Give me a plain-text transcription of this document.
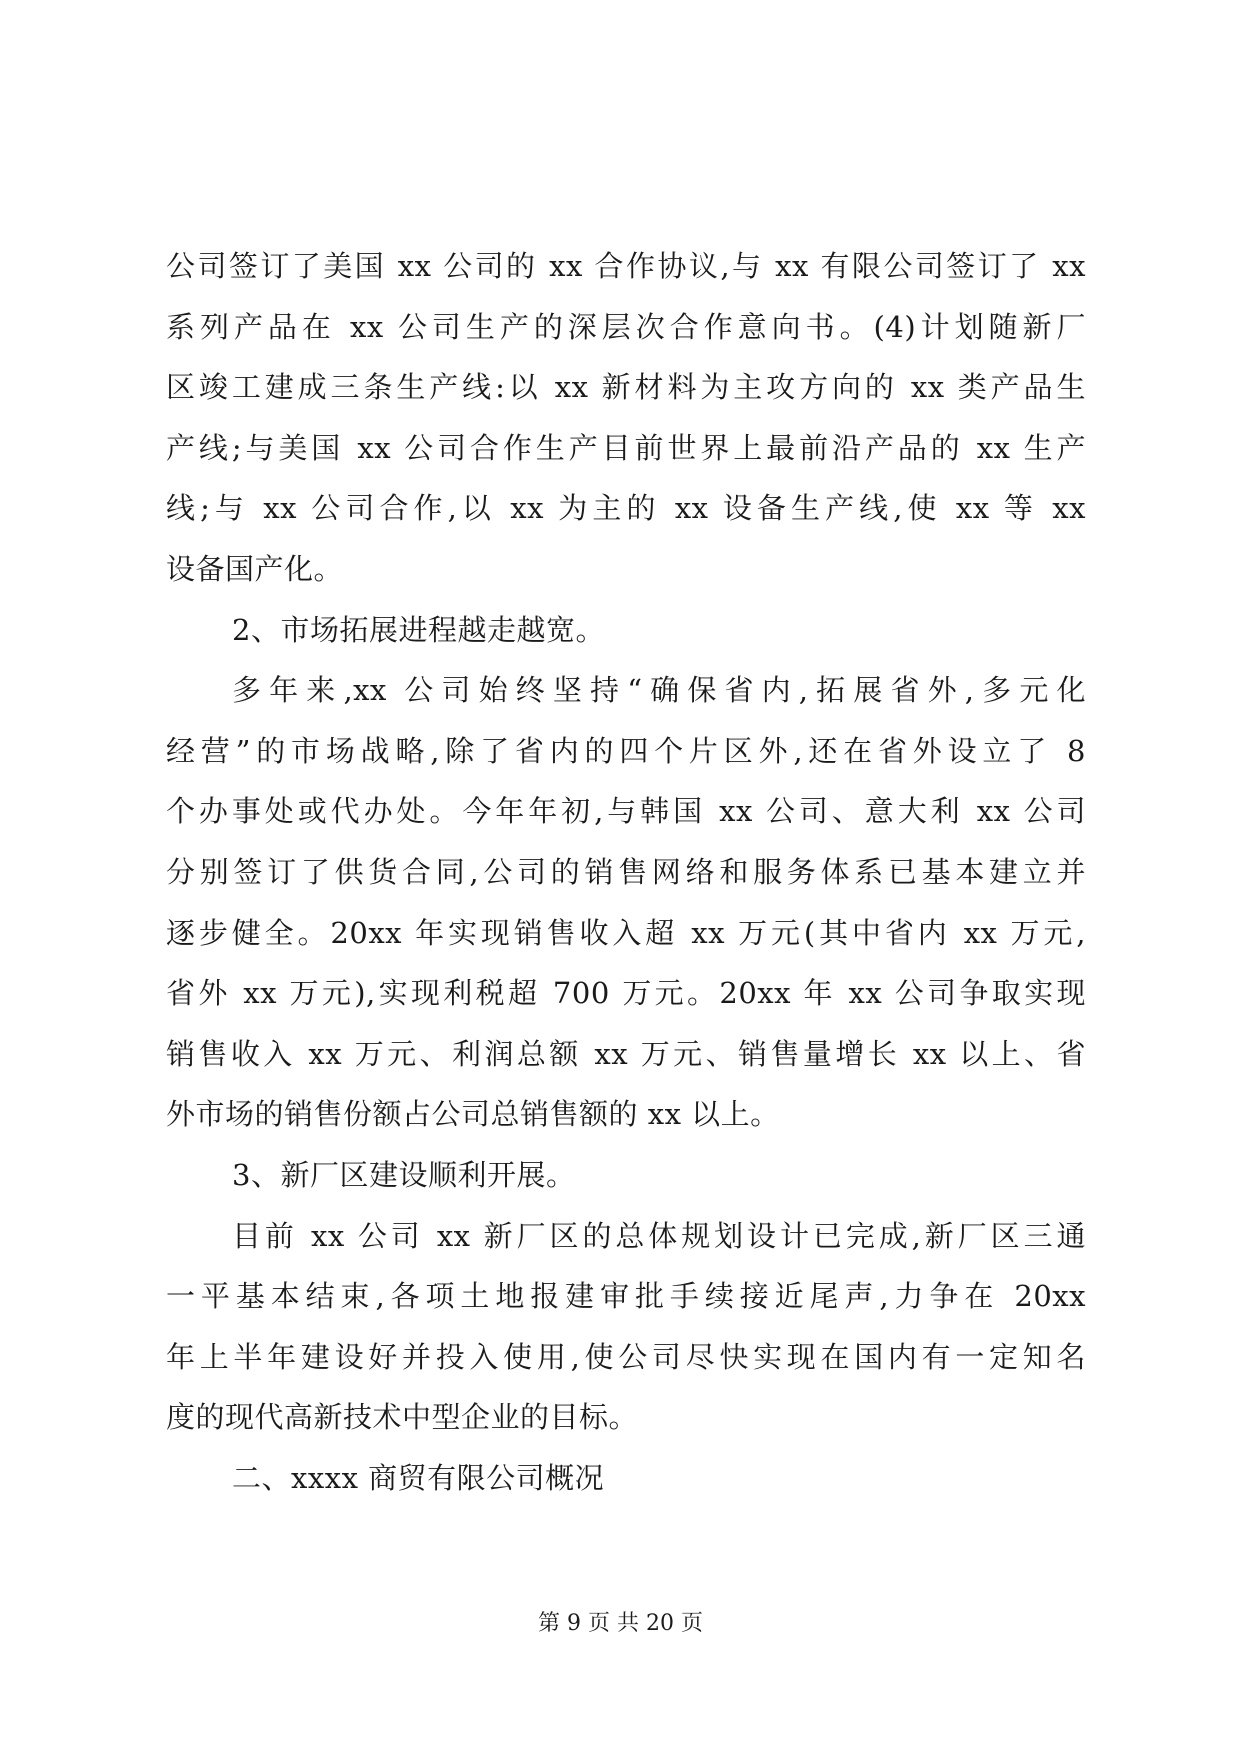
公司签订了美国 xx 公司的 xx 合作协议,与 xx 有限公司签订了 xx
系列产品在 xx 公司生产的深层次合作意向书。(4)计划随新厂
区竣工建成三条生产线:以 xx 新材料为主攻方向的 xx 类产品生
产线;与美国 xx 公司合作生产目前世界上最前沿产品的 xx 生产
线;与 xx 公司合作,以 xx 为主的 xx 设备生产线,使 xx 等 xx
设备国产化。
2、市场拓展进程越走越宽。
多年来,xx 公司始终坚持“确保省内,拓展省外,多元化
经营”的市场战略,除了省内的四个片区外,还在省外设立了 8
个办事处或代办处。今年年初,与韩国 xx 公司、意大利 xx 公司
分别签订了供货合同,公司的销售网络和服务体系已基本建立并
逐步健全。20xx 年实现销售收入超 xx 万元(其中省内 xx 万元,
省外 xx 万元),实现利税超 700 万元。20xx 年 xx 公司争取实现
销售收入 xx 万元、利润总额 xx 万元、销售量增长 xx 以上、省
外市场的销售份额占公司总销售额的 xx 以上。
3、新厂区建设顺利开展。
目前 xx 公司 xx 新厂区的总体规划设计已完成,新厂区三通
一平基本结束,各项土地报建审批手续接近尾声,力争在 20xx
年上半年建设好并投入使用,使公司尽快实现在国内有一定知名
度的现代高新技术中型企业的目标。
二、xxxx 商贸有限公司概况
第 9 页 共 20 页
